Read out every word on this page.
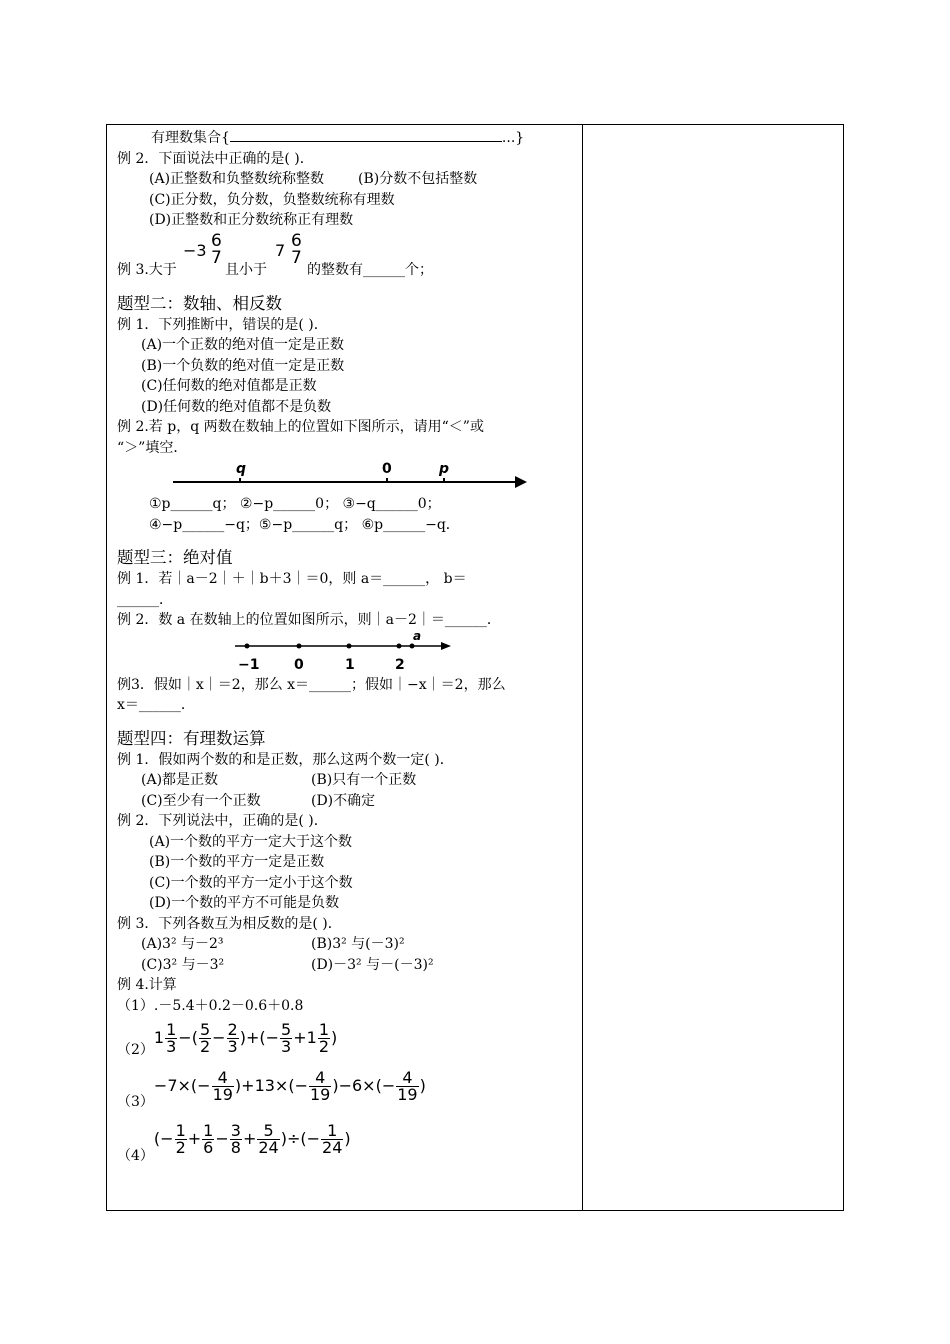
有理数集合{	...}
例 2．下面说法中正确的是( )．
(A)正整数和负整数统称整数 (B)分数不包括整数
(C)正分数，负分数，负整数统称有理数
(D)正整数和正分数统称正有理数
例 3.大于
−3 6
7
且小于
7 6
7
的整数有______个；
题型二：数轴、相反数
例 1．下列推断中，错误的是( )．
(A)一个正数的绝对值一定是正数
(B)一个负数的绝对值一定是正数
(C)任何数的绝对值都是正数
(D)任何数的绝对值都不是负数
例 2.若 p，q 两数在数轴上的位置如下图所示，请用“＜”或
“＞”填空．
q	0	p
①p______q； ②−p______0； ③−q______0；
④−p______−q；⑤−p______q； ⑥p______−q．
题型三：绝对值
例 1．若｜a－2｜＋｜b＋3｜＝0，则 a＝______， b＝
______．
例 2．数 a 在数轴上的位置如图所示，则｜a－2｜＝______．
a
−1 0	1	2
例3．假如｜x｜＝2，那么 x＝______；假如｜−x｜＝2，那么
x＝______．
题型四：有理数运算
例 1．假如两个数的和是正数，那么这两个数一定( )．
(A)都是正数	(B)只有一个正数
(C)至少有一个正数	(D)不确定
例 2．下列说法中，正确的是( )．
(A)一个数的平方一定大于这个数
(B)一个数的平方一定是正数
(C)一个数的平方一定小于这个数
(D)一个数的平方不可能是负数
例 3．下列各数互为相反数的是( )．
(A)3² 与－2³	(B)3² 与(－3)²
(C)3² 与－3²	(D)－3² 与－(－3)²
例 4.计算
（1）.－5.4＋0.2－0.6＋0.8
（2）
$1 \frac{1}{3}$ −( $\frac{5}{2} - \frac{2}{3}$ )+(− $\frac{5}{3} +1 \frac{1}{2}$ )
（3）
$-7\times(- \frac{4}{19} )+13\times(- \frac{4}{19} )-6\times(- \frac{4}{19}$ )
（4）
(− $\frac{1}{2} + \frac{1}{6} - \frac{3}{8} + \frac{5}{24}$ )÷(− $\frac{1}{24}$ )
